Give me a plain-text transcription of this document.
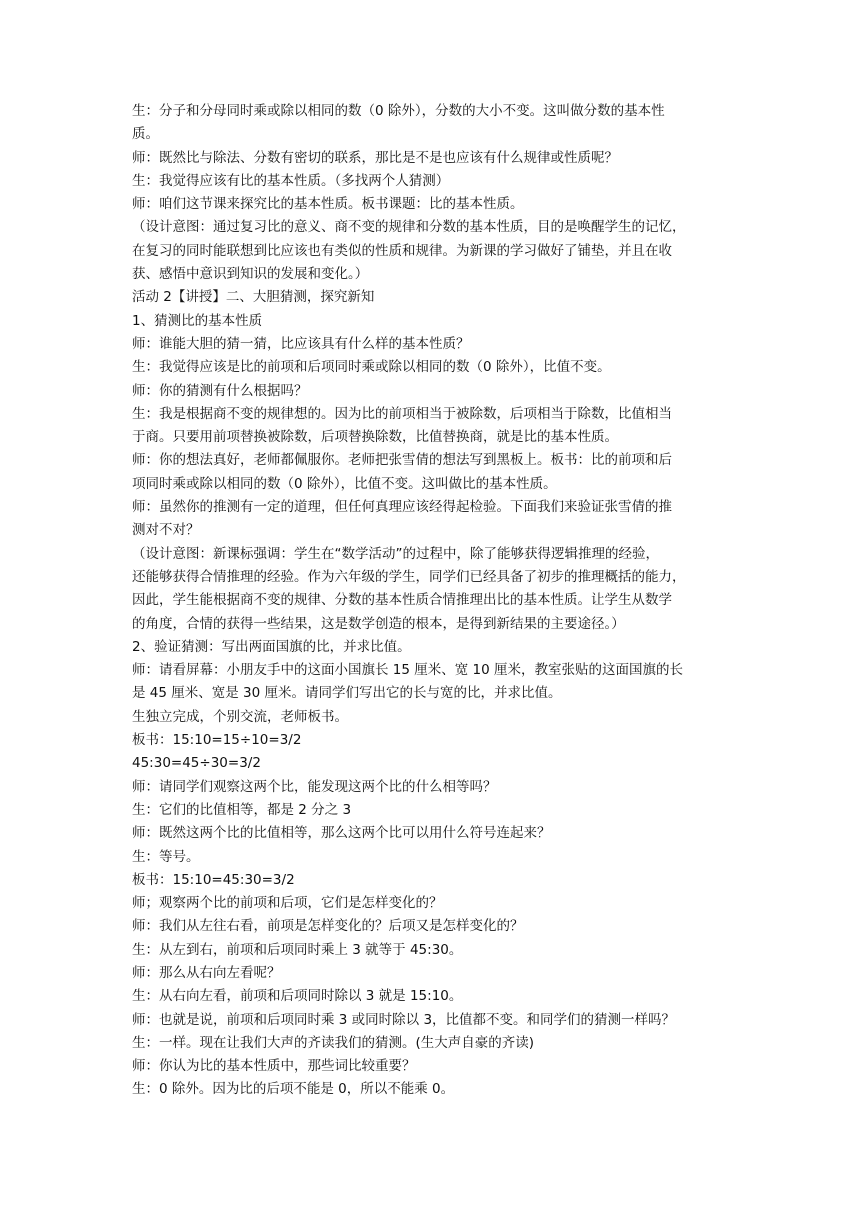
生：分子和分母同时乘或除以相同的数（0 除外），分数的大小不变。这叫做分数的基本性
质。
师：既然比与除法、分数有密切的联系，那比是不是也应该有什么规律或性质呢？
生：我觉得应该有比的基本性质。（多找两个人猜测）
师：咱们这节课来探究比的基本性质。板书课题：比的基本性质。
（设计意图：通过复习比的意义、商不变的规律和分数的基本性质，目的是唤醒学生的记忆，
在复习的同时能联想到比应该也有类似的性质和规律。为新课的学习做好了铺垫，并且在收
获、感悟中意识到知识的发展和变化。）
活动 2【讲授】二、大胆猜测，探究新知
1、猜测比的基本性质
师：谁能大胆的猜一猜，比应该具有什么样的基本性质？
生：我觉得应该是比的前项和后项同时乘或除以相同的数（0 除外），比值不变。
师：你的猜测有什么根据吗？
生：我是根据商不变的规律想的。因为比的前项相当于被除数，后项相当于除数，比值相当
于商。只要用前项替换被除数，后项替换除数，比值替换商，就是比的基本性质。
师：你的想法真好，老师都佩服你。老师把张雪倩的想法写到黑板上。板书：比的前项和后
项同时乘或除以相同的数（0 除外），比值不变。这叫做比的基本性质。
师：虽然你的推测有一定的道理，但任何真理应该经得起检验。下面我们来验证张雪倩的推
测对不对？
（设计意图：新课标强调：学生在“数学活动”的过程中，除了能够获得逻辑推理的经验，
还能够获得合情推理的经验。作为六年级的学生，同学们已经具备了初步的推理概括的能力，
因此，学生能根据商不变的规律、分数的基本性质合情推理出比的基本性质。让学生从数学
的角度，合情的获得一些结果，这是数学创造的根本，是得到新结果的主要途径。）
2、验证猜测：写出两面国旗的比，并求比值。
师：请看屏幕：小朋友手中的这面小国旗长 15 厘米、宽 10 厘米，教室张贴的这面国旗的长
是 45 厘米、宽是 30 厘米。请同学们写出它的长与宽的比，并求比值。
生独立完成，个别交流，老师板书。
板书：15:10=15÷10=3/2
45:30=45÷30=3/2
师：请同学们观察这两个比，能发现这两个比的什么相等吗？
生：它们的比值相等，都是 2 分之 3
师：既然这两个比的比值相等，那么这两个比可以用什么符号连起来？
生：等号。
板书：15:10=45:30=3/2
师；观察两个比的前项和后项，它们是怎样变化的？
师：我们从左往右看，前项是怎样变化的？后项又是怎样变化的？
生：从左到右，前项和后项同时乘上 3 就等于 45:30。
师：那么从右向左看呢？
生：从右向左看，前项和后项同时除以 3 就是 15:10。
师：也就是说，前项和后项同时乘 3 或同时除以 3，比值都不变。和同学们的猜测一样吗？
生：一样。现在让我们大声的齐读我们的猜测。(生大声自豪的齐读)
师：你认为比的基本性质中，那些词比较重要？
生：0 除外。因为比的后项不能是 0，所以不能乘 0。
